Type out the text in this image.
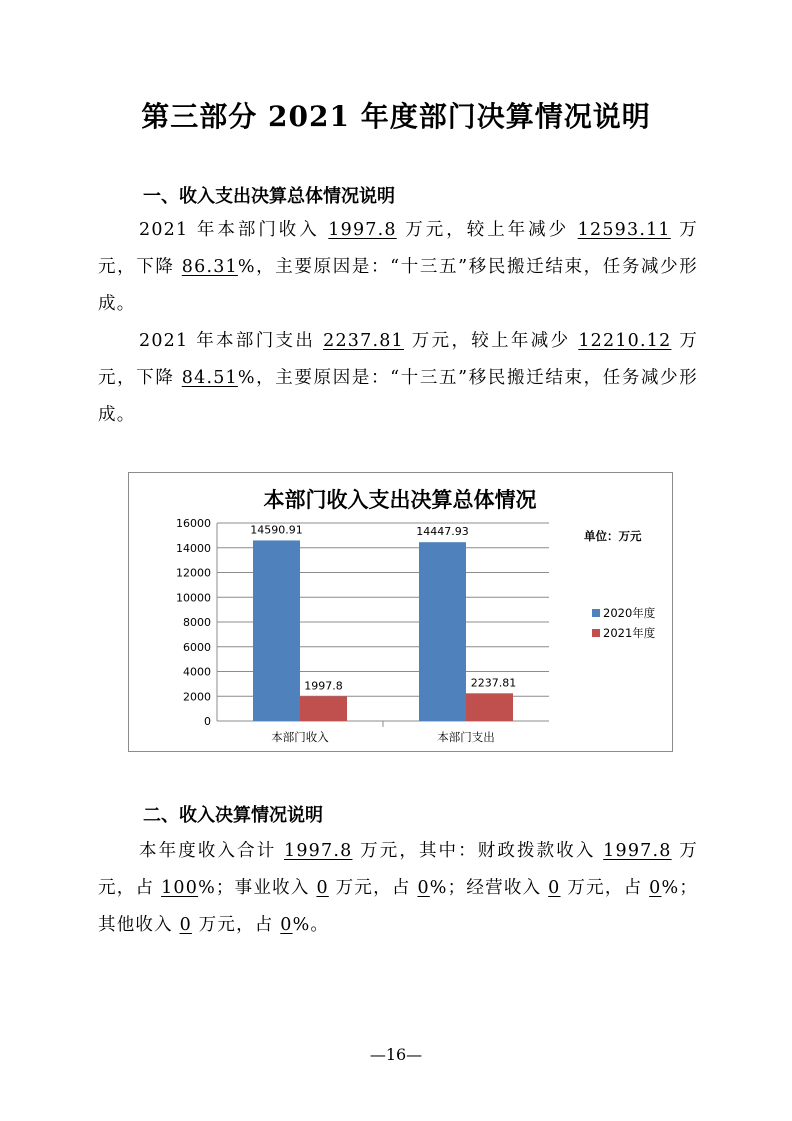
第三部分 2021 年度部门决算情况说明
一、收入支出决算总体情况说明
2021 年本部门收入 1997.8 万元，较上年减少 12593.11 万元，下降 86.31%，主要原因是：“十三五”移民搬迁结束，任务减少形成。
2021 年本部门支出 2237.81 万元，较上年减少 12210.12 万元，下降 84.51%，主要原因是：“十三五”移民搬迁结束，任务减少形成。
本部门收入支出决算总体情况
单位：万元
0
2000
4000
6000
8000
10000
12000
14000
16000
本部门收入
14590.91
1997.8
本部门支出
14447.93
2237.81
2020年度
2021年度
二、收入决算情况说明
本年度收入合计 1997.8 万元，其中：财政拨款收入 1997.8 万元，占 100%；事业收入 0 万元，占 0%；经营收入 0 万元，占 0%；其他收入 0 万元，占 0%。
—16—
